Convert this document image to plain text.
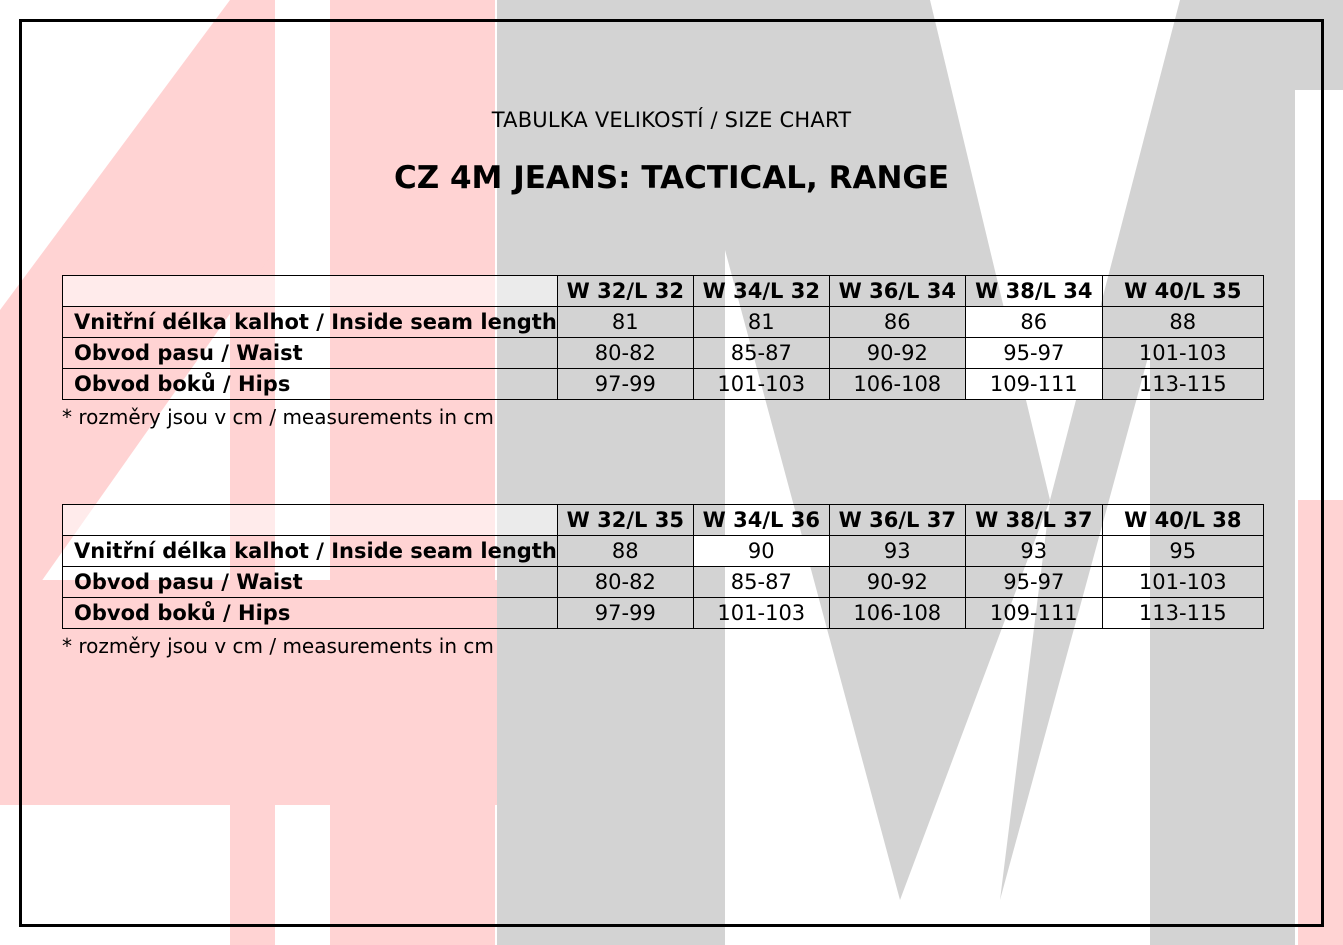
TABULKA VELIKOSTÍ / SIZE CHART
CZ 4M JEANS: TACTICAL, RANGE
	W 32/L 32	W 34/L 32	W 36/L 34	W 38/L 34	W 40/L 35
Vnitřní délka kalhot / Inside seam length	81	81	86	86	88
Obvod pasu / Waist	80-82	85-87	90-92	95-97	101-103
Obvod boků / Hips	97-99	101-103	106-108	109-111	113-115
* rozměry jsou v cm / measurements in cm
	W 32/L 35	W 34/L 36	W 36/L 37	W 38/L 37	W 40/L 38
Vnitřní délka kalhot / Inside seam length	88	90	93	93	95
Obvod pasu / Waist	80-82	85-87	90-92	95-97	101-103
Obvod boků / Hips	97-99	101-103	106-108	109-111	113-115
* rozměry jsou v cm / measurements in cm
